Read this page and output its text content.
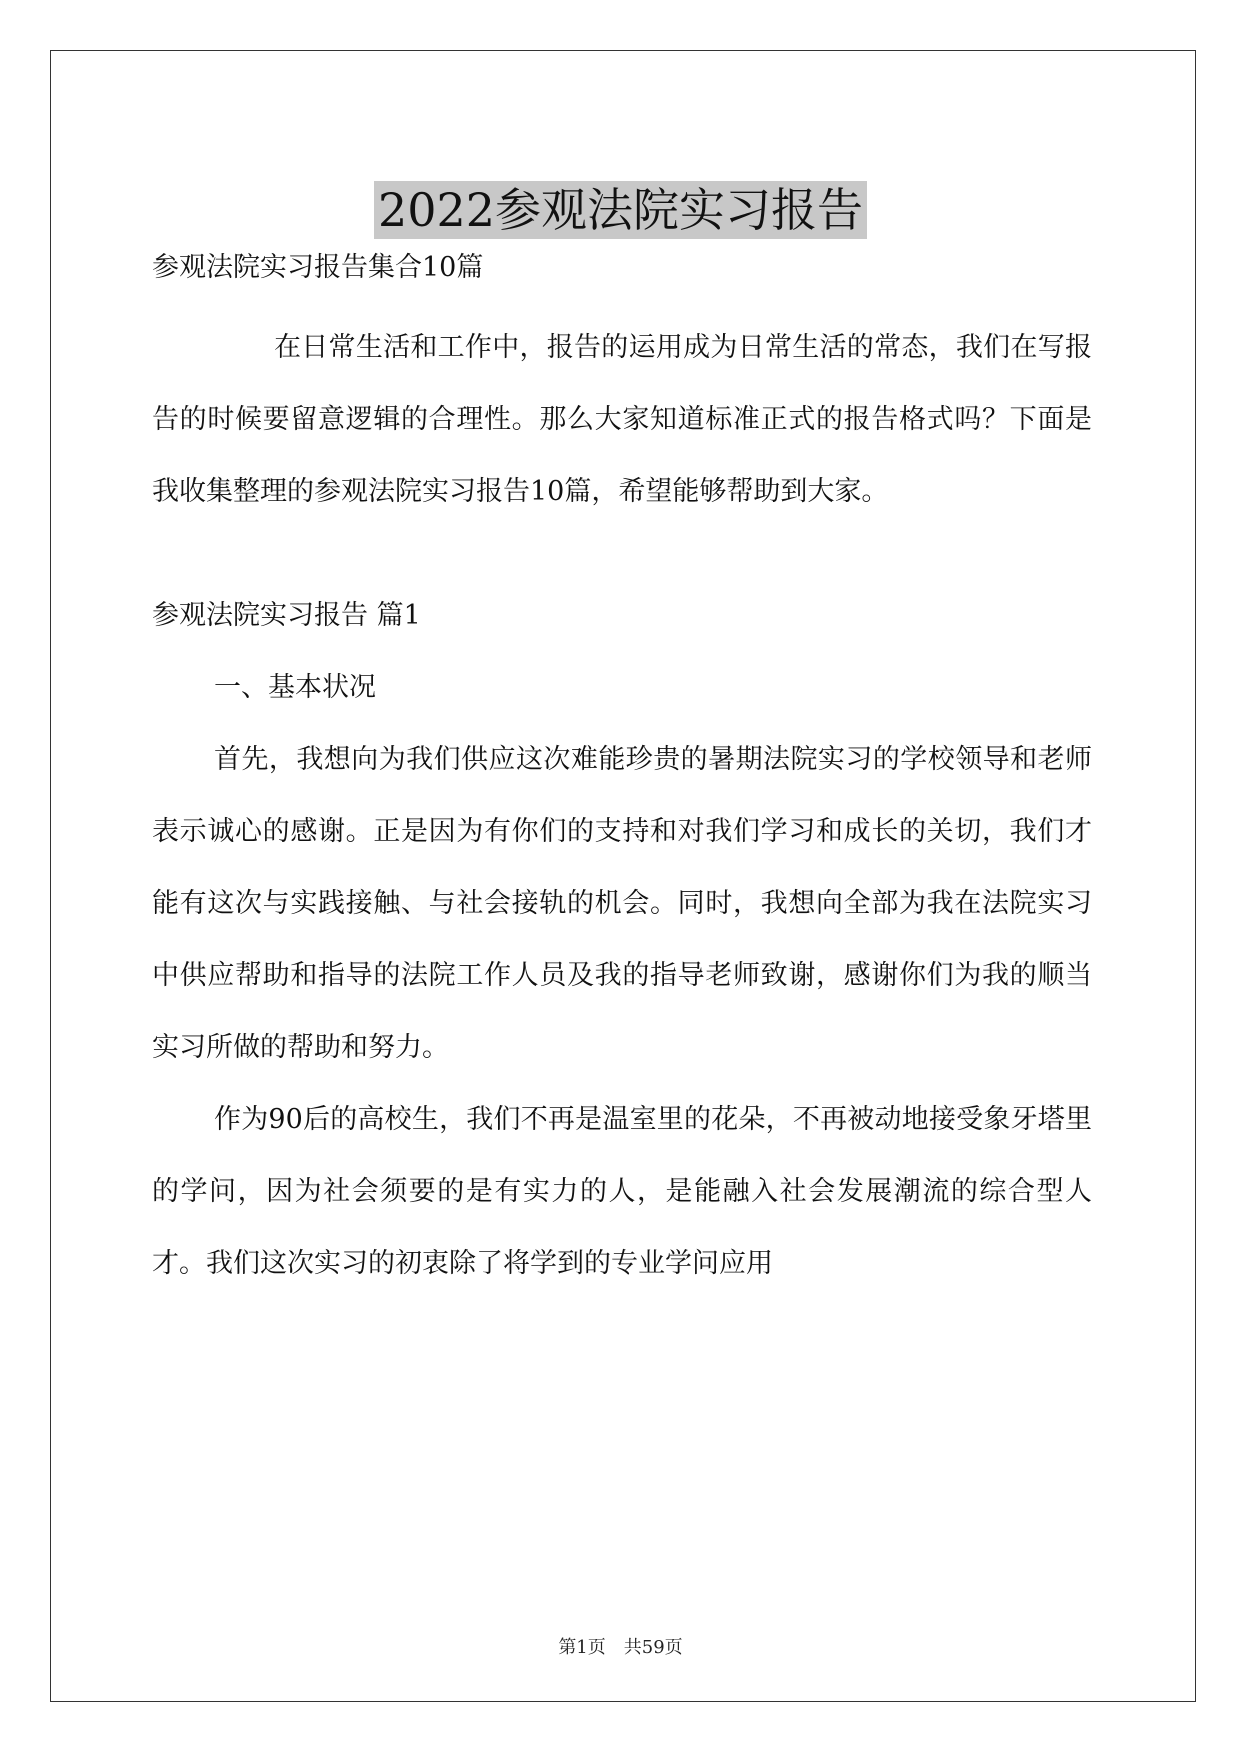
2022参观法院实习报告

参观法院实习报告集合10篇

在日常生活和工作中，报告的运用成为日常生活的常态，我们在写报告的时候要留意逻辑的合理性。那么大家知道标准正式的报告格式吗？下面是我收集整理的参观法院实习报告10篇，希望能够帮助到大家。

参观法院实习报告 篇1

一、基本状况

首先，我想向为我们供应这次难能珍贵的暑期法院实习的学校领导和老师表示诚心的感谢。正是因为有你们的支持和对我们学习和成长的关切，我们才能有这次与实践接触、与社会接轨的机会。同时，我想向全部为我在法院实习中供应帮助和指导的法院工作人员及我的指导老师致谢，感谢你们为我的顺当实习所做的帮助和努力。

作为90后的高校生，我们不再是温室里的花朵，不再被动地接受象牙塔里的学问，因为社会须要的是有实力的人，是能融入社会发展潮流的综合型人才。我们这次实习的初衷除了将学到的专业学问应用

第1页　共59页
